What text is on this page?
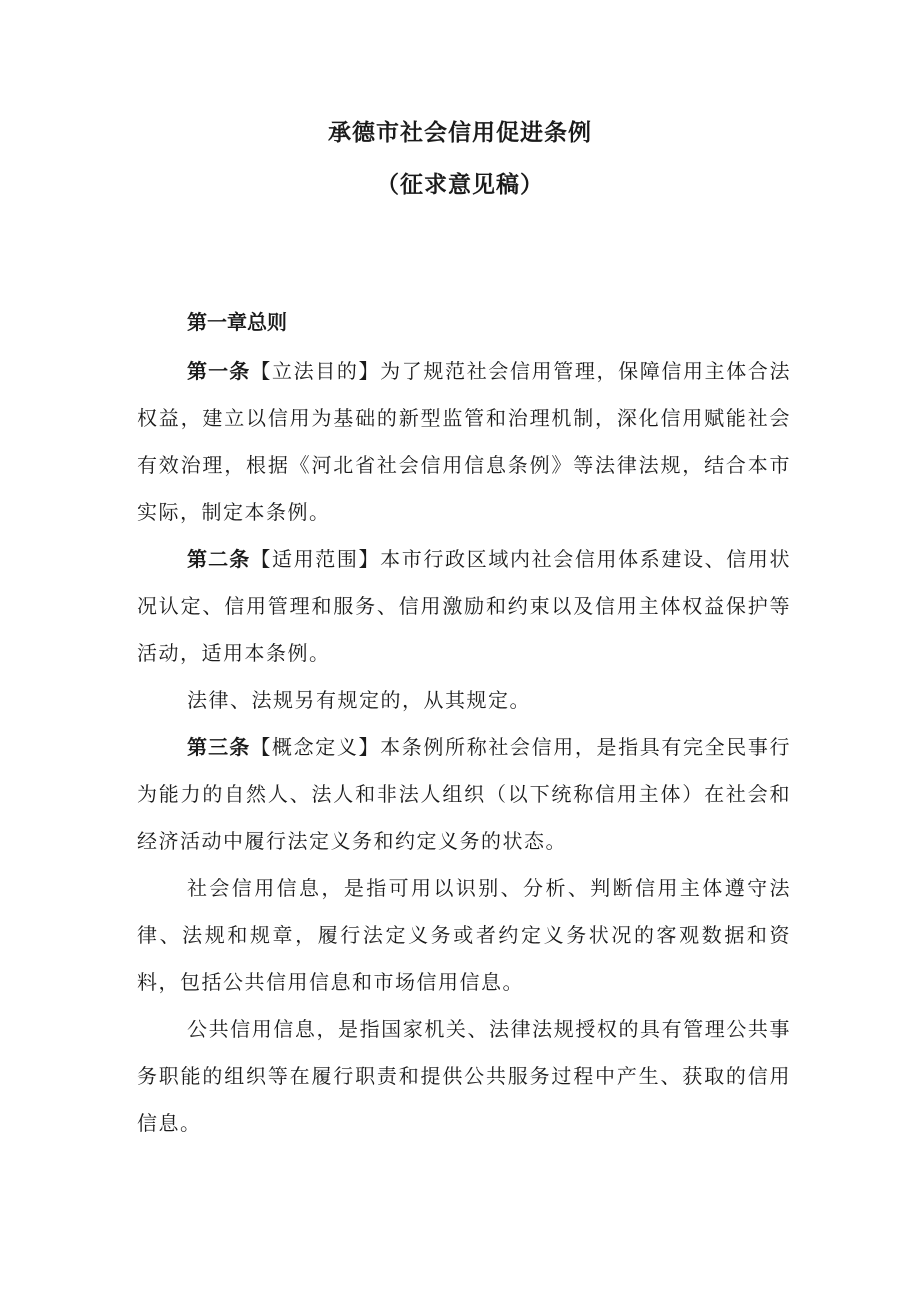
承德市社会信用促进条例
（征求意见稿）

第一章总则

第一条【立法目的】为了规范社会信用管理，保障信用主体合法权益，建立以信用为基础的新型监管和治理机制，深化信用赋能社会有效治理，根据《河北省社会信用信息条例》等法律法规，结合本市实际，制定本条例。

第二条【适用范围】本市行政区域内社会信用体系建设、信用状况认定、信用管理和服务、信用激励和约束以及信用主体权益保护等活动，适用本条例。

法律、法规另有规定的，从其规定。

第三条【概念定义】本条例所称社会信用，是指具有完全民事行为能力的自然人、法人和非法人组织（以下统称信用主体）在社会和经济活动中履行法定义务和约定义务的状态。

社会信用信息，是指可用以识别、分析、判断信用主体遵守法律、法规和规章，履行法定义务或者约定义务状况的客观数据和资料，包括公共信用信息和市场信用信息。

公共信用信息，是指国家机关、法律法规授权的具有管理公共事务职能的组织等在履行职责和提供公共服务过程中产生、获取的信用信息。
